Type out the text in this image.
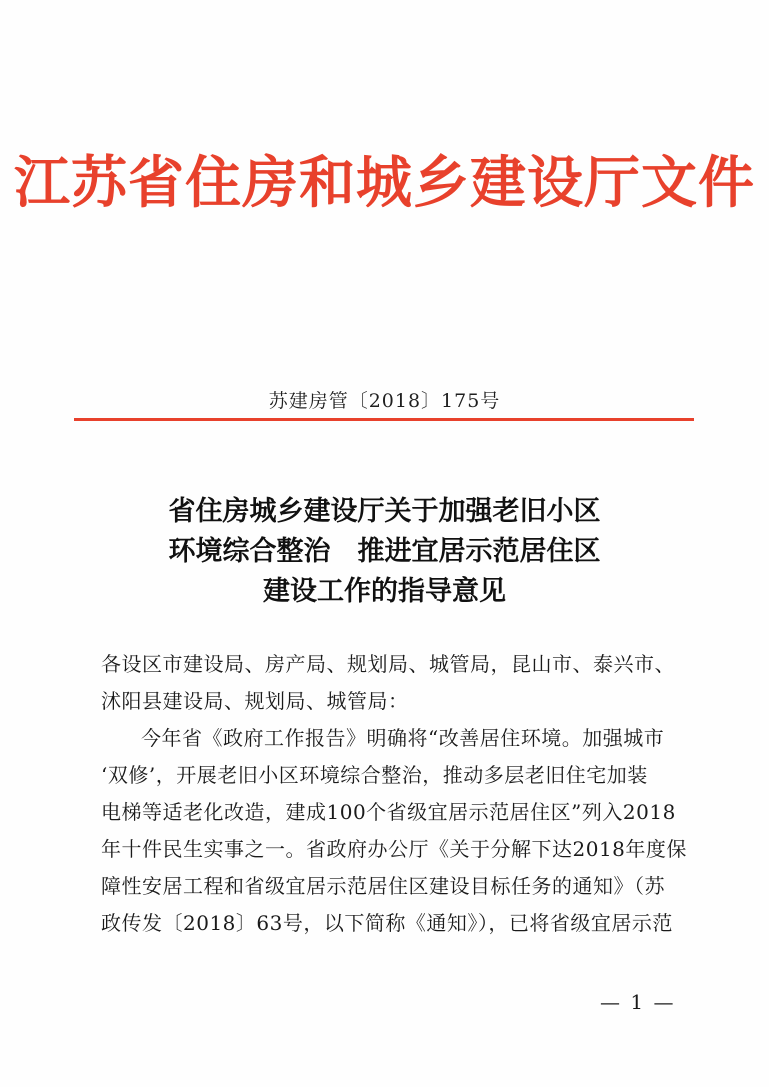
江苏省住房和城乡建设厅文件
苏建房管〔2018〕175号
省住房城乡建设厅关于加强老旧小区
环境综合整治　推进宜居示范居住区
建设工作的指导意见
各设区市建设局、房产局、规划局、城管局，昆山市、泰兴市、
沭阳县建设局、规划局、城管局：
今年省《政府工作报告》明确将“改善居住环境。加强城市
‘双修’，开展老旧小区环境综合整治，推动多层老旧住宅加装
电梯等适老化改造，建成100个省级宜居示范居住区”列入2018
年十件民生实事之一。省政府办公厅《关于分解下达2018年度保
障性安居工程和省级宜居示范居住区建设目标任务的通知》（苏
政传发〔2018〕63号，以下简称《通知》），已将省级宜居示范
— 1 —
